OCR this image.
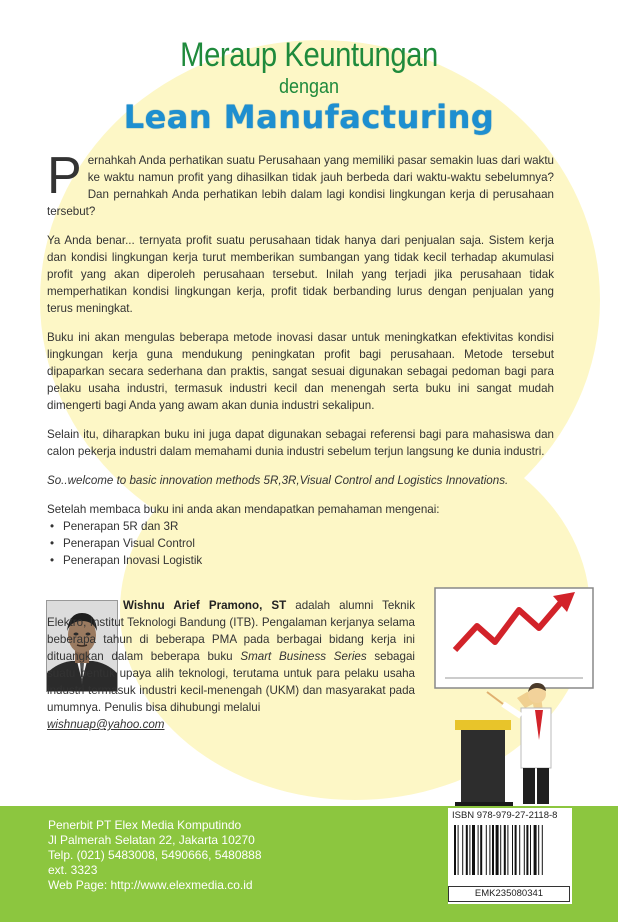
Meraup Keuntungan
dengan
Lean Manufacturing

Pernahkah Anda perhatikan suatu Perusahaan yang memiliki pasar semakin luas dari waktu ke waktu namun profit yang dihasilkan tidak jauh berbeda dari waktu-waktu sebelumnya? Dan pernahkah Anda perhatikan lebih dalam lagi kondisi lingkungan kerja di perusahaan tersebut?

Ya Anda benar... ternyata profit suatu perusahaan tidak hanya dari penjualan saja. Sistem kerja dan kondisi lingkungan kerja turut memberikan sumbangan yang tidak kecil terhadap akumulasi profit yang akan diperoleh perusahaan tersebut. Inilah yang terjadi jika perusahaan tidak memperhatikan kondisi lingkungan kerja, profit tidak berbanding lurus dengan penjualan yang terus meningkat.

Buku ini akan mengulas beberapa metode inovasi dasar untuk meningkatkan efektivitas kondisi lingkungan kerja guna mendukung peningkatan profit bagi perusahaan. Metode tersebut dipaparkan secara sederhana dan praktis, sangat sesuai digunakan sebagai pedoman bagi para pelaku usaha industri, termasuk industri kecil dan menengah serta buku ini sangat mudah dimengerti bagi Anda yang awam akan dunia industri sekalipun.

Selain itu, diharapkan buku ini juga dapat digunakan sebagai referensi bagi para mahasiswa dan calon pekerja industri dalam memahami dunia industri sebelum terjun langsung ke dunia industri.

So..welcome to basic innovation methods 5R,3R,Visual Control and Logistics Innovations.

Setelah membaca buku ini anda akan mendapatkan pemahaman mengenai:
• Penerapan 5R dan 3R
• Penerapan Visual Control
• Penerapan Inovasi Logistik
Wishnu Arief Pramono, ST adalah alumni Teknik Elektro, Institut Teknologi Bandung (ITB). Pengalaman kerjanya selama beberapa tahun di beberapa PMA pada berbagai bidang kerja ini dituangkan dalam beberapa buku Smart Business Series sebagai suatu bentuk upaya alih teknologi, terutama untuk para pelaku usaha industri termasuk industri kecil-menengah (UKM) dan masyarakat pada umumnya. Penulis bisa dihubungi melalui
wishnuap@yahoo.com
Penerbit PT Elex Media Komputindo
Jl Palmerah Selatan 22, Jakarta 10270
Telp. (021) 5483008, 5490666, 5480888
ext. 3323
Web Page: http://www.elexmedia.co.id
ISBN 978-979-27-2118-8
EMK235080341
